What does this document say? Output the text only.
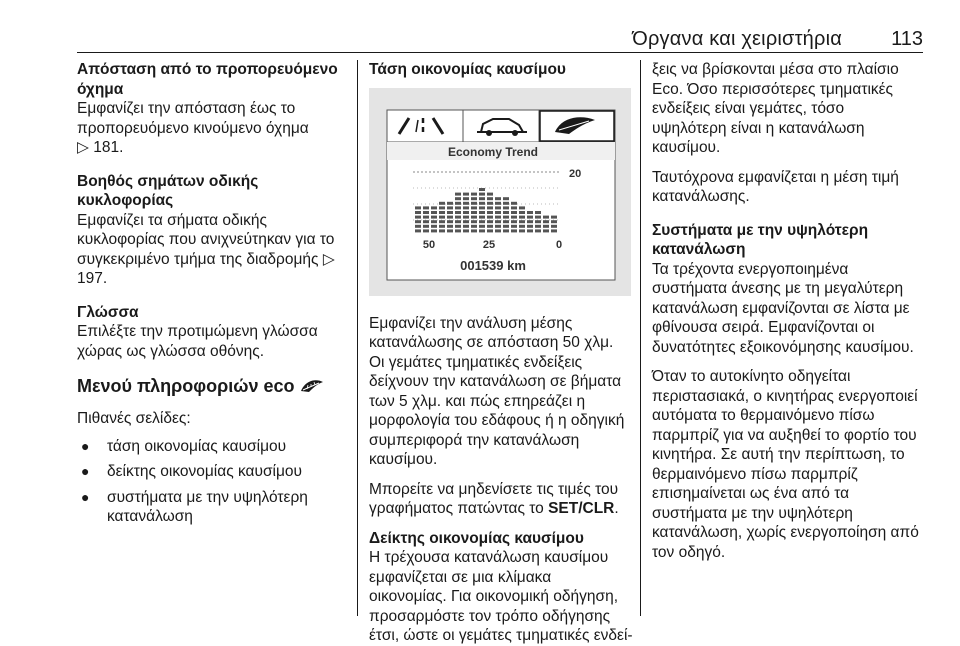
Όργανα και χειριστήρια 113
Απόσταση από το προπορευόμενο όχημα

Εμφανίζει την απόσταση έως το προπορευόμενο κινούμενο όχημα
▷ 181.

Βοηθός σημάτων οδικής κυκλοφορίας

Εμφανίζει τα σήματα οδικής κυκλοφορίας που ανιχνεύτηκαν για το συγκεκριμένο τμήμα της διαδρομής ▷ 197.

Γλώσσα

Επιλέξτε την προτιμώμενη γλώσσα χώρας ως γλώσσα οθόνης.

Μενού πληροφοριών eco

Πιθανές σελίδες:

● τάση οικονομίας καυσίμου
● δείκτης οικονομίας καυσίμου
● συστήματα με την υψηλότερη κατανάλωση
Τάση οικονομίας καυσίμου
Economy Trend
20
50	25	0
001539 km

Εμφανίζει την ανάλυση μέσης κατανάλωσης σε απόσταση 50 χλμ. Οι γεμάτες τμηματικές ενδείξεις δείχνουν την κατανάλωση σε βήματα των 5 χλμ. και πώς επηρεάζει η μορφολογία του εδάφους ή η οδηγική συμπεριφορά την κατανάλωση καυσίμου.

Μπορείτε να μηδενίσετε τις τιμές του γραφήματος πατώντας το SET/CLR.

Δείκτης οικονομίας καυσίμου

Η τρέχουσα κατανάλωση καυσίμου εμφανίζεται σε μια κλίμακα οικονομίας. Για οικονομική οδήγηση, προσαρμόστε τον τρόπο οδήγησης έτσι, ώστε οι γεμάτες τμηματικές ενδεί-

ξεις να βρίσκονται μέσα στο πλαίσιο Eco. Όσο περισσότερες τμηματικές ενδείξεις είναι γεμάτες, τόσο υψηλότερη είναι η κατανάλωση καυσίμου.

Ταυτόχρονα εμφανίζεται η μέση τιμή κατανάλωσης.

Συστήματα με την υψηλότερη κατανάλωση

Τα τρέχοντα ενεργοποιημένα συστήματα άνεσης με τη μεγαλύτερη κατανάλωση εμφανίζονται σε λίστα με φθίνουσα σειρά. Εμφανίζονται οι δυνατότητες εξοικονόμησης καυσίμου.

Όταν το αυτοκίνητο οδηγείται περιστασιακά, ο κινητήρας ενεργοποιεί αυτόματα το θερμαινόμενο πίσω παρμπρίζ για να αυξηθεί το φορτίο του κινητήρα. Σε αυτή την περίπτωση, το θερμαινόμενο πίσω παρμπρίζ επισημαίνεται ως ένα από τα συστήματα με την υψηλότερη κατανάλωση, χωρίς ενεργοποίηση από τον οδηγό.
